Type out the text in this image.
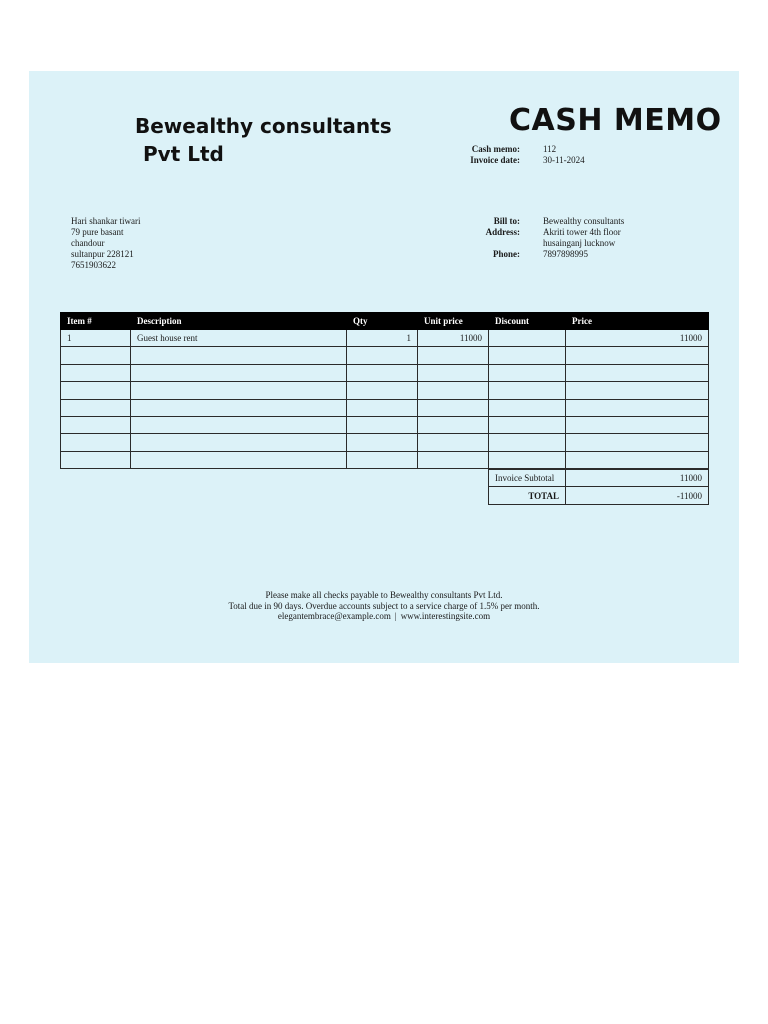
Bewealthy consultants
Pvt Ltd
CASH MEMO
Cash memo:	112
Invoice date:	30-11-2024
Hari shankar tiwari
79 pure basant
chandour
sultanpur 228121
7651903622
Bill to:	Bewealthy consultants
Address:	Akriti tower 4th floor
husainganj lucknow
Phone:	7897898995
Item #	Description	Qty	Unit price	Discount	Price
1	Guest house rent	1	11000		11000

Invoice Subtotal	11000
TOTAL	-11000
Please make all checks payable to Bewealthy consultants Pvt Ltd.
Total due in 90 days. Overdue accounts subject to a service charge of 1.5% per month.
elegantembrace@example.com | www.interestingsite.com
